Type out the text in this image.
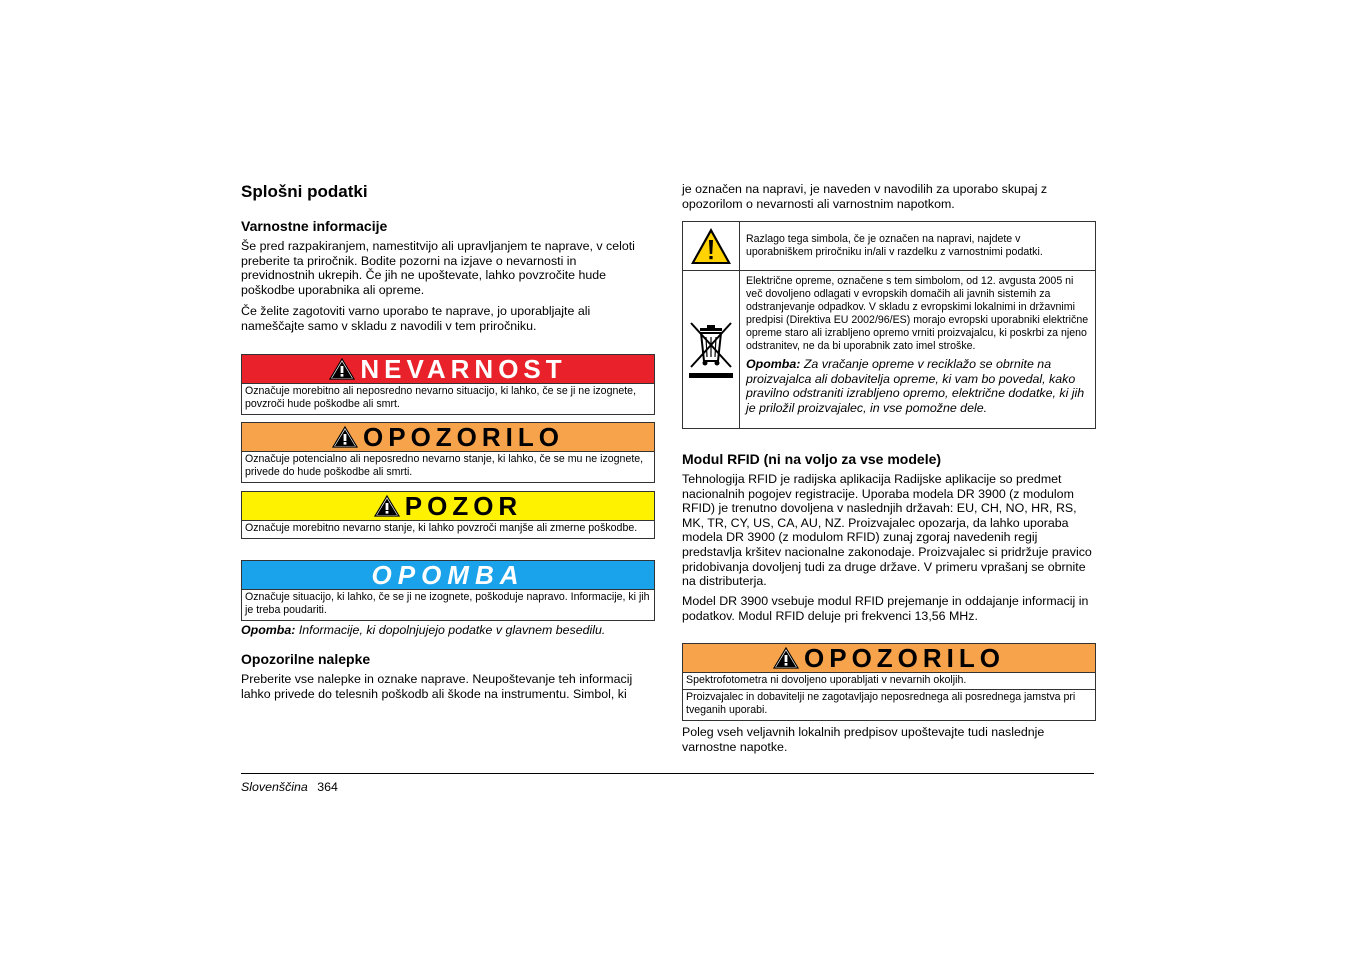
Splošni podatki
Varnostne informacije

Še pred razpakiranjem, namestitvijo ali upravljanjem te naprave, v celoti preberite ta priročnik. Bodite pozorni na izjave o nevarnosti in previdnostnih ukrepih. Če jih ne upoštevate, lahko povzročite hude poškodbe uporabnika ali opreme.

Če želite zagotoviti varno uporabo te naprave, jo uporabljajte ali nameščajte samo v skladu z navodili v tem priročniku.

NEVARNOST

Označuje morebitno ali neposredno nevarno situacijo, ki lahko, če se ji ne izognete, povzroči hude poškodbe ali smrt.

OPOZORILO

Označuje potencialno ali neposredno nevarno stanje, ki lahko, če se mu ne izognete, privede do hude poškodbe ali smrti.

POZOR

Označuje morebitno nevarno stanje, ki lahko povzroči manjše ali zmerne poškodbe.

OPOMBA

Označuje situacijo, ki lahko, če se ji ne izognete, poškoduje napravo. Informacije, ki jih je treba poudariti.

Opomba: Informacije, ki dopolnjujejo podatke v glavnem besedilu.

Opozorilne nalepke

Preberite vse nalepke in oznake naprave. Neupoštevanje teh informacij lahko privede do telesnih poškodb ali škode na instrumentu. Simbol, ki

je označen na napravi, je naveden v navodilih za uporabo skupaj z opozorilom o nevarnosti ali varnostnim napotkom.

Razlago tega simbola, če je označen na napravi, najdete v uporabniškem priročniku in/ali v razdelku z varnostnimi podatki.

Električne opreme, označene s tem simbolom, od 12. avgusta 2005 ni več dovoljeno odlagati v evropskih domačih ali javnih sistemih za odstranjevanje odpadkov. V skladu z evropskimi lokalnimi in državnimi predpisi (Direktiva EU 2002/96/ES) morajo evropski uporabniki električne opreme staro ali izrabljeno opremo vrniti proizvajalcu, ki poskrbi za njeno odstranitev, ne da bi uporabnik zato imel stroške.

Opomba: Za vračanje opreme v reciklažo se obrnite na proizvajalca ali dobavitelja opreme, ki vam bo povedal, kako pravilno odstraniti izrabljeno opremo, električne dodatke, ki jih je priložil proizvajalec, in vse pomožne dele.

Modul RFID (ni na voljo za vse modele)

Tehnologija RFID je radijska aplikacija Radijske aplikacije so predmet nacionalnih pogojev registracije. Uporaba modela DR 3900 (z modulom RFID) je trenutno dovoljena v naslednjih državah: EU, CH, NO, HR, RS, MK, TR, CY, US, CA, AU, NZ. Proizvajalec opozarja, da lahko uporaba modela DR 3900 (z modulom RFID) zunaj zgoraj navedenih regij predstavlja kršitev nacionalne zakonodaje. Proizvajalec si pridržuje pravico pridobivanja dovoljenj tudi za druge države. V primeru vprašanj se obrnite na distributerja.

Model DR 3900 vsebuje modul RFID prejemanje in oddajanje informacij in podatkov. Modul RFID deluje pri frekvenci 13,56 MHz.

OPOZORILO

Spektrofotometra ni dovoljeno uporabljati v nevarnih okoljih.

Proizvajalec in dobavitelji ne zagotavljajo neposrednega ali posrednega jamstva pri tveganih uporabi.

Poleg vseh veljavnih lokalnih predpisov upoštevajte tudi naslednje varnostne napotke.

Slovenščina 364
